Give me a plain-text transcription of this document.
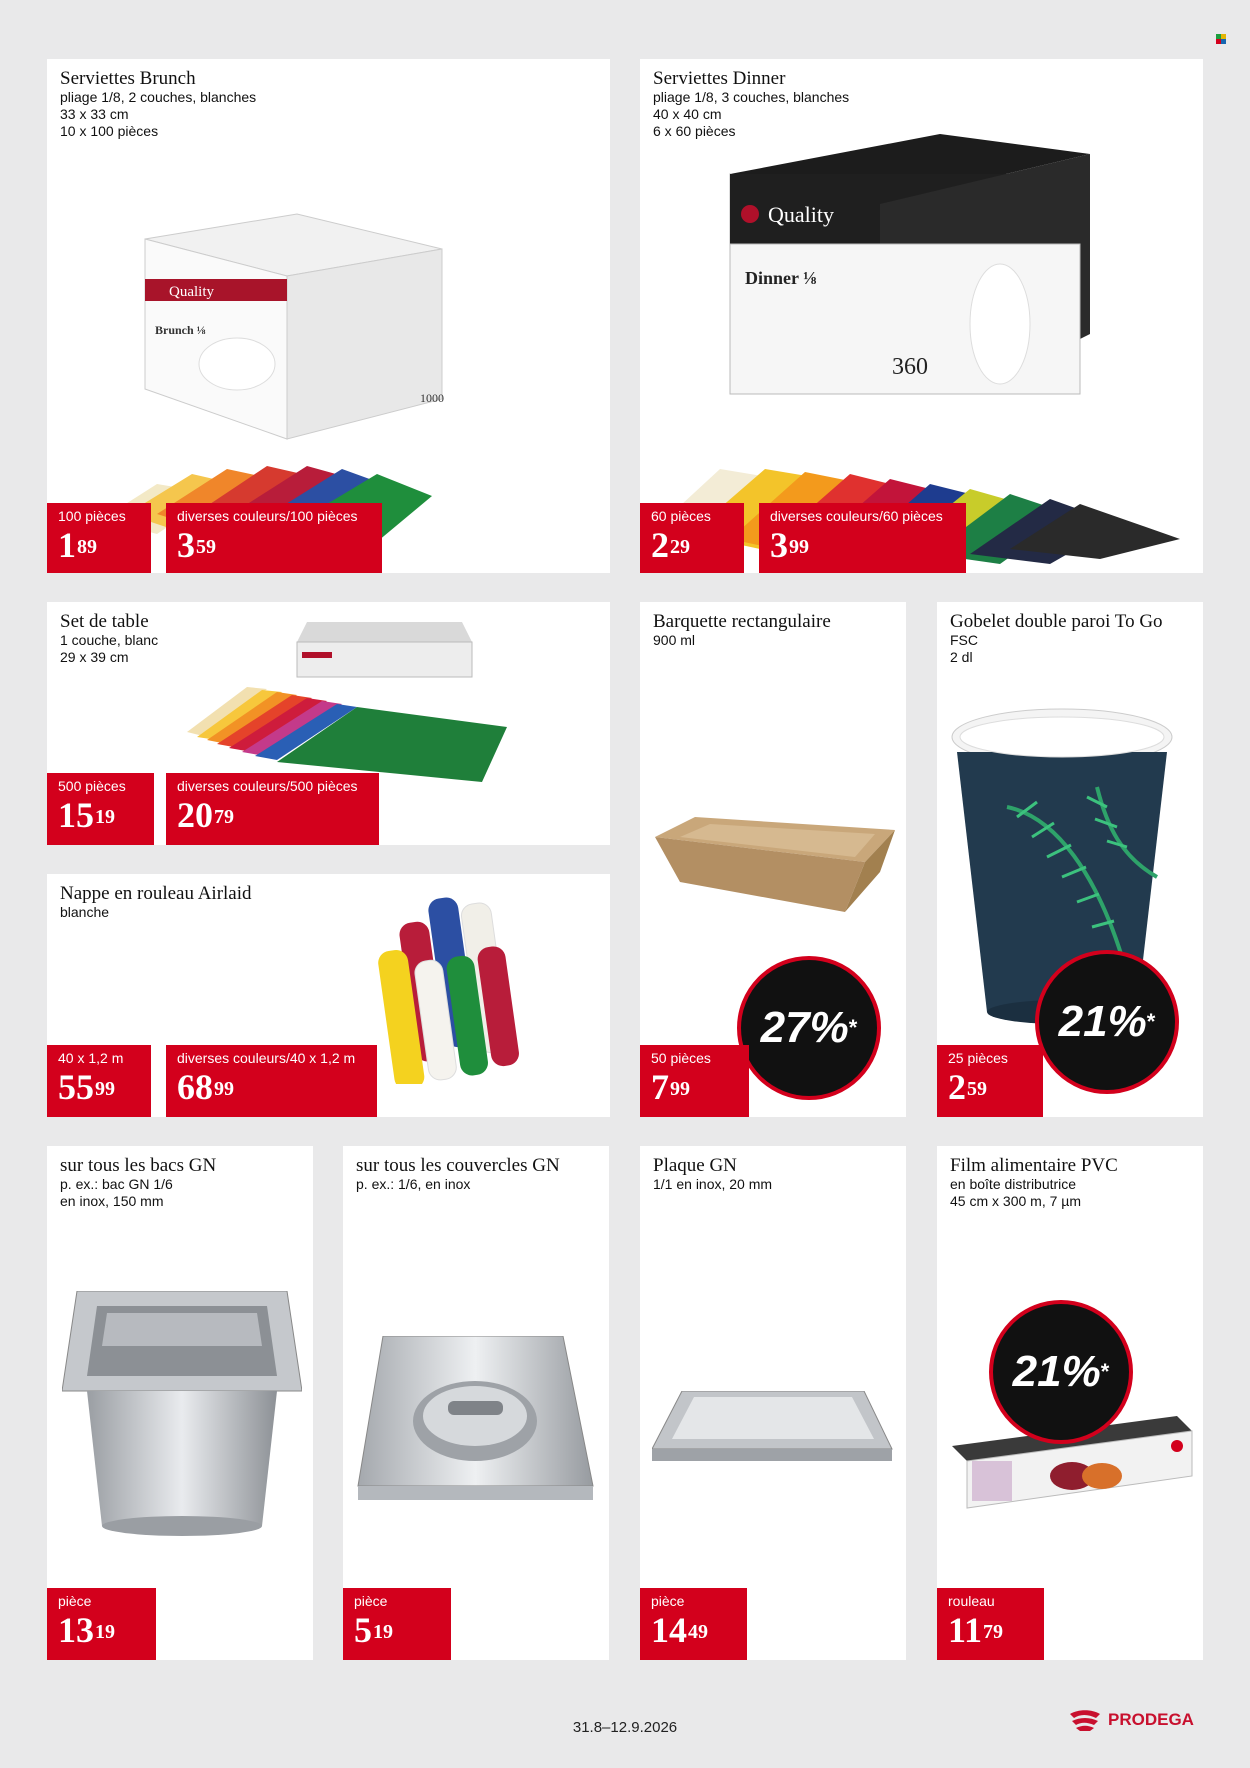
Serviettes Brunch
pliage 1/8, 2 couches, blanches
33 x 33 cm
10 x 100 pièces
Quality
Brunch ⅛
1000
100 pièces
$1^{89}$
diverses couleurs/100 pièces
$3^{59}$
Serviettes Dinner
pliage 1/8, 3 couches, blanches
40 x 40 cm
6 x 60 pièces
Quality
Dinner ⅛
360
60 pièces
$2^{29}$
diverses couleurs/60 pièces
$3^{99}$
Set de table
1 couche, blanc
29 x 39 cm
500 pièces
$15^{19}$
diverses couleurs/500 pièces
$20^{79}$
Nappe en rouleau Airlaid
blanche
40 x 1,2 m
$55^{99}$
diverses couleurs/40 x 1,2 m
$68^{99}$
Barquette rectangulaire
900 ml
27% *
50 pièces
$7^{99}$
Gobelet double paroi To Go
FSC
2 dl
21% *
25 pièces
$2^{59}$
sur tous les bacs GN
p. ex.: bac GN 1/6
en inox, 150 mm
pièce
$13^{19}$
sur tous les couvercles GN
p. ex.: 1/6, en inox
pièce
$5^{19}$
Plaque GN
1/1 en inox, 20 mm
pièce
$14^{49}$
Film alimentaire PVC
en boîte distributrice
45 cm x 300 m, 7 µm
21% *
rouleau
$11^{79}$
31.8–12.9.2026	PRODEGA
